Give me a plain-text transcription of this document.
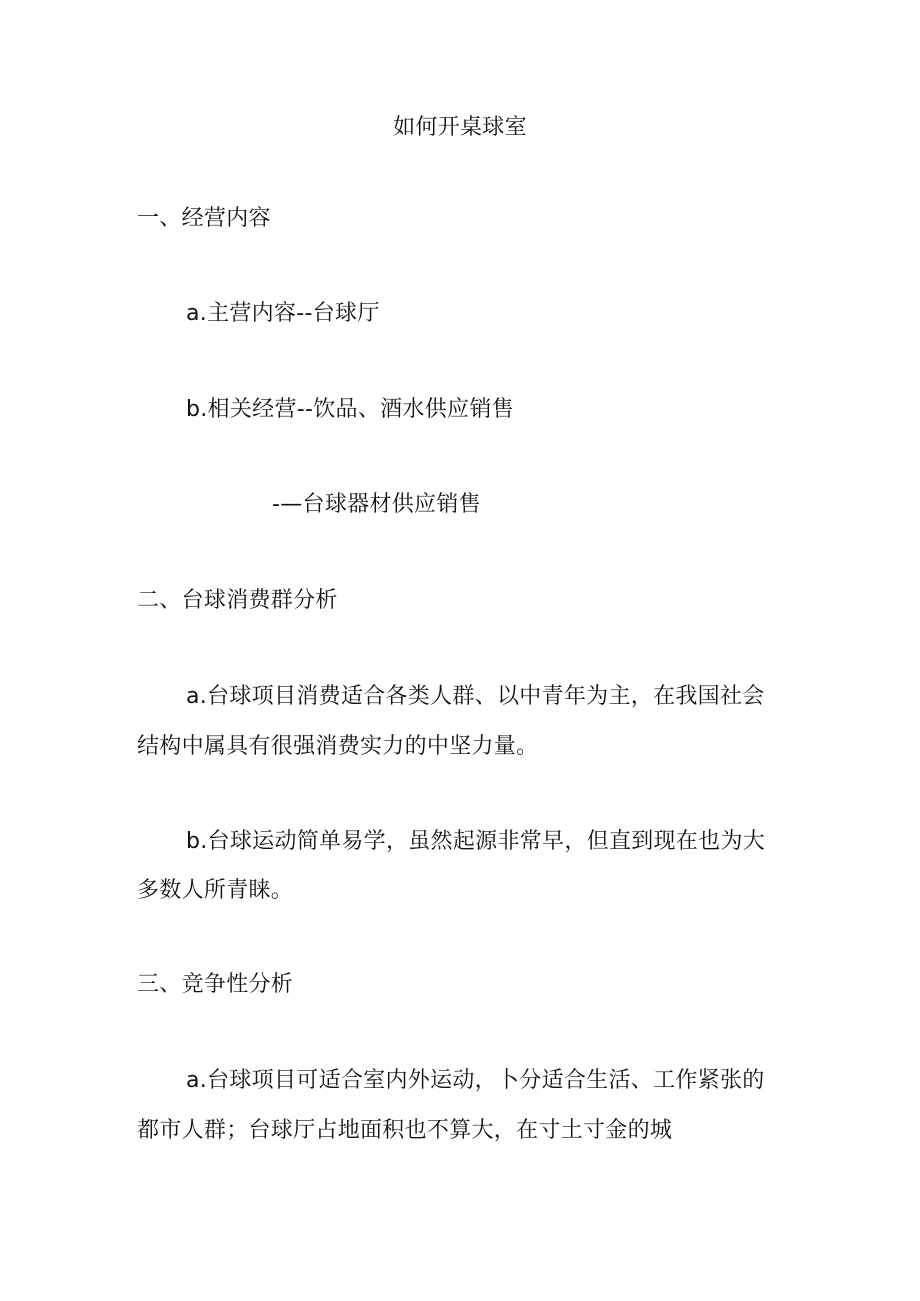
如何开桌球室
一、经营内容
a.主营内容--台球厅
b.相关经营--饮品、酒水供应销售
-—台球器材供应销售
二、台球消费群分析
a.台球项目消费适合各类人群、以中青年为主，在我国社会
结构中属具有很强消费实力的中坚力量。
b.台球运动简单易学，虽然起源非常早，但直到现在也为大
多数人所青睐。
三、竞争性分析
a.台球项目可适合室内外运动，卜分适合生活、工作紧张的
都市人群；台球厅占地面积也不算大，在寸土寸金的城
